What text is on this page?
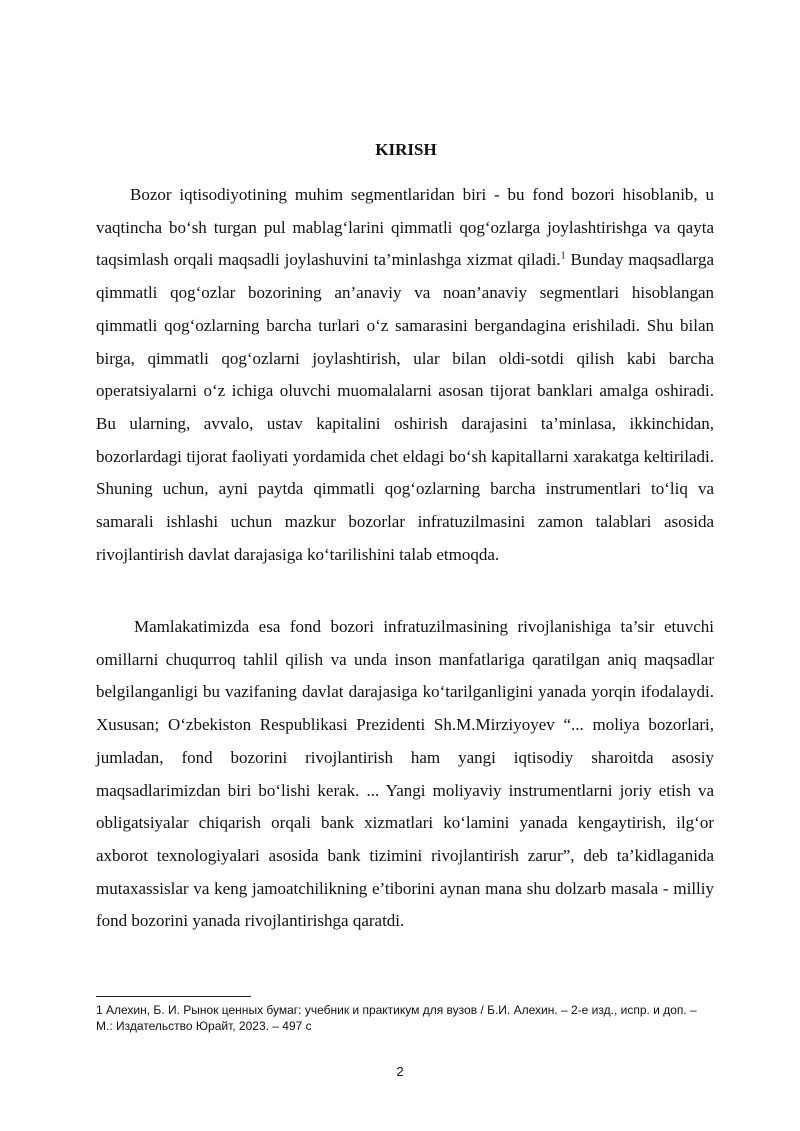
KIRISH

Bozor iqtisodiyotining muhim segmentlaridan biri - bu fond bozori hisoblanib, u vaqtincha bo‘sh turgan pul mablag‘larini qimmatli qog‘ozlarga joylashtirishga va qayta taqsimlash orqali maqsadli joylashuvini ta’minlashga xizmat qiladi.$^1$ Bunday maqsadlarga qimmatli qog‘ozlar bozorining an’anaviy va noan’anaviy segmentlari hisoblangan qimmatli qog‘ozlarning barcha turlari o‘z samarasini bergandagina erishiladi. Shu bilan birga, qimmatli qog‘ozlarni joylashtirish, ular bilan oldi-sotdi qilish kabi barcha operatsiyalarni o‘z ichiga oluvchi muomalalarni asosan tijorat banklari amalga oshiradi. Bu ularning, avvalo, ustav kapitalini oshirish darajasini ta’minlasa, ikkinchidan, bozorlardagi tijorat faoliyati yordamida chet eldagi bo‘sh kapitallarni xarakatga keltiriladi. Shuning uchun, ayni paytda qimmatli qog‘ozlarning barcha instrumentlari to‘liq va samarali ishlashi uchun mazkur bozorlar infratuzilmasini zamon talablari asosida rivojlantirish davlat darajasiga ko‘tarilishini talab etmoqda.

Mamlakatimizda esa fond bozori infratuzilmasining rivojlanishiga ta’sir etuvchi omillarni chuqurroq tahlil qilish va unda inson manfatlariga qaratilgan aniq maqsadlar belgilanganligi bu vazifaning davlat darajasiga ko‘tarilganligini yanada yorqin ifodalaydi. Xususan; O‘zbekiston Respublikasi Prezidenti Sh.M.Mirziyoyev “... moliya bozorlari, jumladan, fond bozorini rivojlantirish ham yangi iqtisodiy sharoitda asosiy maqsadlarimizdan biri bo‘lishi kerak. ... Yangi moliyaviy instrumentlarni joriy etish va obligatsiyalar chiqarish orqali bank xizmatlari ko‘lamini yanada kengaytirish, ilg‘or axborot texnologiyalari asosida bank tizimini rivojlantirish zarur”, deb ta’kidlaganida mutaxassislar va keng jamoatchilikning e’tiborini aynan mana shu dolzarb masala - milliy fond bozorini yanada rivojlantirishga qaratdi.

1 Алехин, Б. И. Рынок ценных бумаг: учебник и практикум для вузов / Б.И. Алехин. – 2-е изд., испр. и доп. – М.: Издательство Юрайт, 2023. – 497 с

2
